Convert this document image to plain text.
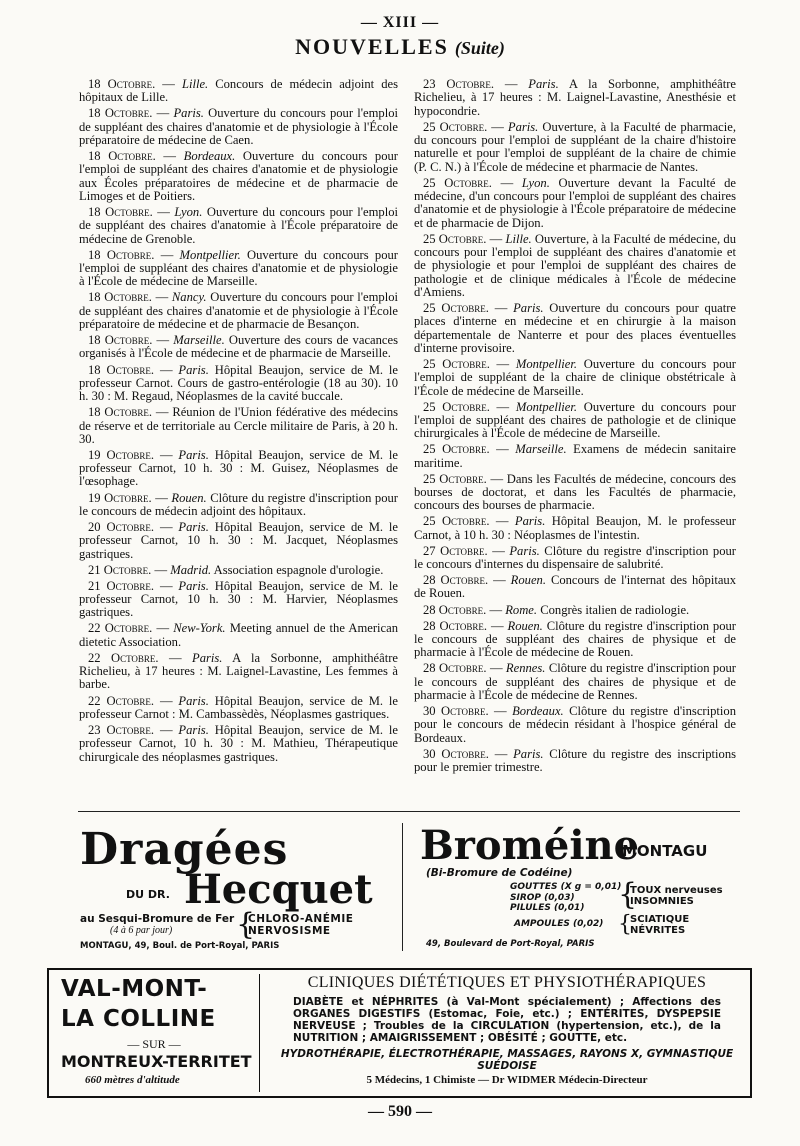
— XIII —
NOUVELLES (Suite)

18 Octobre. — Lille. Concours de médecin adjoint des hôpitaux de Lille.

18 Octobre. — Paris. Ouverture du concours pour l'emploi de suppléant des chaires d'anatomie et de physiologie à l'École préparatoire de médecine de Caen.

18 Octobre. — Bordeaux. Ouverture du concours pour l'emploi de suppléant des chaires d'anatomie et de physiologie aux Écoles préparatoires de médecine et de pharmacie de Limoges et de Poitiers.

18 Octobre. — Lyon. Ouverture du concours pour l'emploi de suppléant des chaires d'anatomie à l'École préparatoire de médecine de Grenoble.

18 Octobre. — Montpellier. Ouverture du concours pour l'emploi de suppléant des chaires d'anatomie et de physiologie à l'École de médecine de Marseille.

18 Octobre. — Nancy. Ouverture du concours pour l'emploi de suppléant des chaires d'anatomie et de physiologie à l'École préparatoire de médecine et de pharmacie de Besançon.

18 Octobre. — Marseille. Ouverture des cours de vacances organisés à l'École de médecine et de pharmacie de Marseille.

18 Octobre. — Paris. Hôpital Beaujon, service de M. le professeur Carnot. Cours de gastro-entérologie (18 au 30). 10 h. 30 : M. Regaud, Néoplasmes de la cavité buccale.

18 Octobre. — Réunion de l'Union fédérative des médecins de réserve et de territoriale au Cercle militaire de Paris, à 20 h. 30.

19 Octobre. — Paris. Hôpital Beaujon, service de M. le professeur Carnot, 10 h. 30 : M. Guisez, Néoplasmes de l'œsophage.

19 Octobre. — Rouen. Clôture du registre d'inscription pour le concours de médecin adjoint des hôpitaux.

20 Octobre. — Paris. Hôpital Beaujon, service de M. le professeur Carnot, 10 h. 30 : M. Jacquet, Néoplasmes gastriques.

21 Octobre. — Madrid. Association espagnole d'urologie.

21 Octobre. — Paris. Hôpital Beaujon, service de M. le professeur Carnot, 10 h. 30 : M. Harvier, Néoplasmes gastriques.

22 Octobre. — New-York. Meeting annuel de the American dietetic Association.

22 Octobre. — Paris. A la Sorbonne, amphithéâtre Richelieu, à 17 heures : M. Laignel-Lavastine, Les femmes à barbe.

22 Octobre. — Paris. Hôpital Beaujon, service de M. le professeur Carnot : M. Cambassèdès, Néoplasmes gastriques.

23 Octobre. — Paris. Hôpital Beaujon, service de M. le professeur Carnot, 10 h. 30 : M. Mathieu, Thérapeutique chirurgicale des néoplasmes gastriques.

23 Octobre. — Paris. A la Sorbonne, amphithéâtre Richelieu, à 17 heures : M. Laignel-Lavastine, Anesthésie et hypocondrie.

25 Octobre. — Paris. Ouverture, à la Faculté de pharmacie, du concours pour l'emploi de suppléant de la chaire d'histoire naturelle et pour l'emploi de suppléant de la chaire de chimie (P. C. N.) à l'École de médecine et pharmacie de Nantes.

25 Octobre. — Lyon. Ouverture devant la Faculté de médecine, d'un concours pour l'emploi de suppléant des chaires d'anatomie et de physiologie à l'École préparatoire de médecine et de pharmacie de Dijon.

25 Octobre. — Lille. Ouverture, à la Faculté de médecine, du concours pour l'emploi de suppléant des chaires d'anatomie et de physiologie et pour l'emploi de suppléant des chaires de pathologie et de clinique médicales à l'École de médecine d'Amiens.

25 Octobre. — Paris. Ouverture du concours pour quatre places d'interne en médecine et en chirurgie à la maison départementale de Nanterre et pour des places éventuelles d'interne provisoire.

25 Octobre. — Montpellier. Ouverture du concours pour l'emploi de suppléant de la chaire de clinique obstétricale à l'École de médecine de Marseille.

25 Octobre. — Montpellier. Ouverture du concours pour l'emploi de suppléant des chaires de pathologie et de clinique chirurgicales à l'École de médecine de Marseille.

25 Octobre. — Marseille. Examens de médecin sanitaire maritime.

25 Octobre. — Dans les Facultés de médecine, concours des bourses de doctorat, et dans les Facultés de pharmacie, concours des bourses de pharmacie.

25 Octobre. — Paris. Hôpital Beaujon, M. le professeur Carnot, à 10 h. 30 : Néoplasmes de l'intestin.

27 Octobre. — Paris. Clôture du registre d'inscription pour le concours d'internes du dispensaire de salubrité.

28 Octobre. — Rouen. Concours de l'internat des hôpitaux de Rouen.

28 Octobre. — Rome. Congrès italien de radiologie.

28 Octobre. — Rouen. Clôture du registre d'inscription pour le concours de suppléant des chaires de physique et de pharmacie à l'École de médecine de Rouen.

28 Octobre. — Rennes. Clôture du registre d'inscription pour le concours de suppléant des chaires de physique et de pharmacie à l'École de médecine de Rennes.

30 Octobre. — Bordeaux. Clôture du registre d'inscription pour le concours de médecin résidant à l'hospice général de Bordeaux.

30 Octobre. — Paris. Clôture du registre des inscriptions pour le premier trimestre.

Dragées
DU DR. Hecquet
au Sesqui-Bromure de Fer
(4 à 6 par jour) {
CHLORO-ANÉMIE
NERVOSISME
MONTAGU, 49, Boul. de Port-Royal, PARIS
Broméine
MONTAGU
(Bi-Bromure de Codéine)
GOUTTES (X g = 0,01)
SIROP (0,03)
PILULES (0,01)
AMPOULES (0,02)
{
{
TOUX nerveuses
INSOMNIES
SCIATIQUE
NÉVRITES
49, Boulevard de Port-Royal, PARIS
VAL-MONT-
LA COLLINE
— SUR —
MONTREUX-TERRITET
660 mètres d'altitude
CLINIQUES DIÉTÉTIQUES ET PHYSIOTHÉRAPIQUES
DIABÈTE et NÉPHRITES (à Val-Mont spécialement) ; Affections des ORGANES DIGESTIFS (Estomac, Foie, etc.) ; ENTÉRITES, DYSPEPSIE NERVEUSE ; Troubles de la CIRCULATION (hypertension, etc.), de la NUTRITION ; AMAIGRISSEMENT ; OBÉSITÉ ; GOUTTE, etc.
HYDROTHÉRAPIE, ÉLECTROTHÉRAPIE, MASSAGES, RAYONS X, GYMNASTIQUE SUÉDOISE
5 Médecins, 1 Chimiste — Dr WIDMER Médecin-Directeur
— 590 —
